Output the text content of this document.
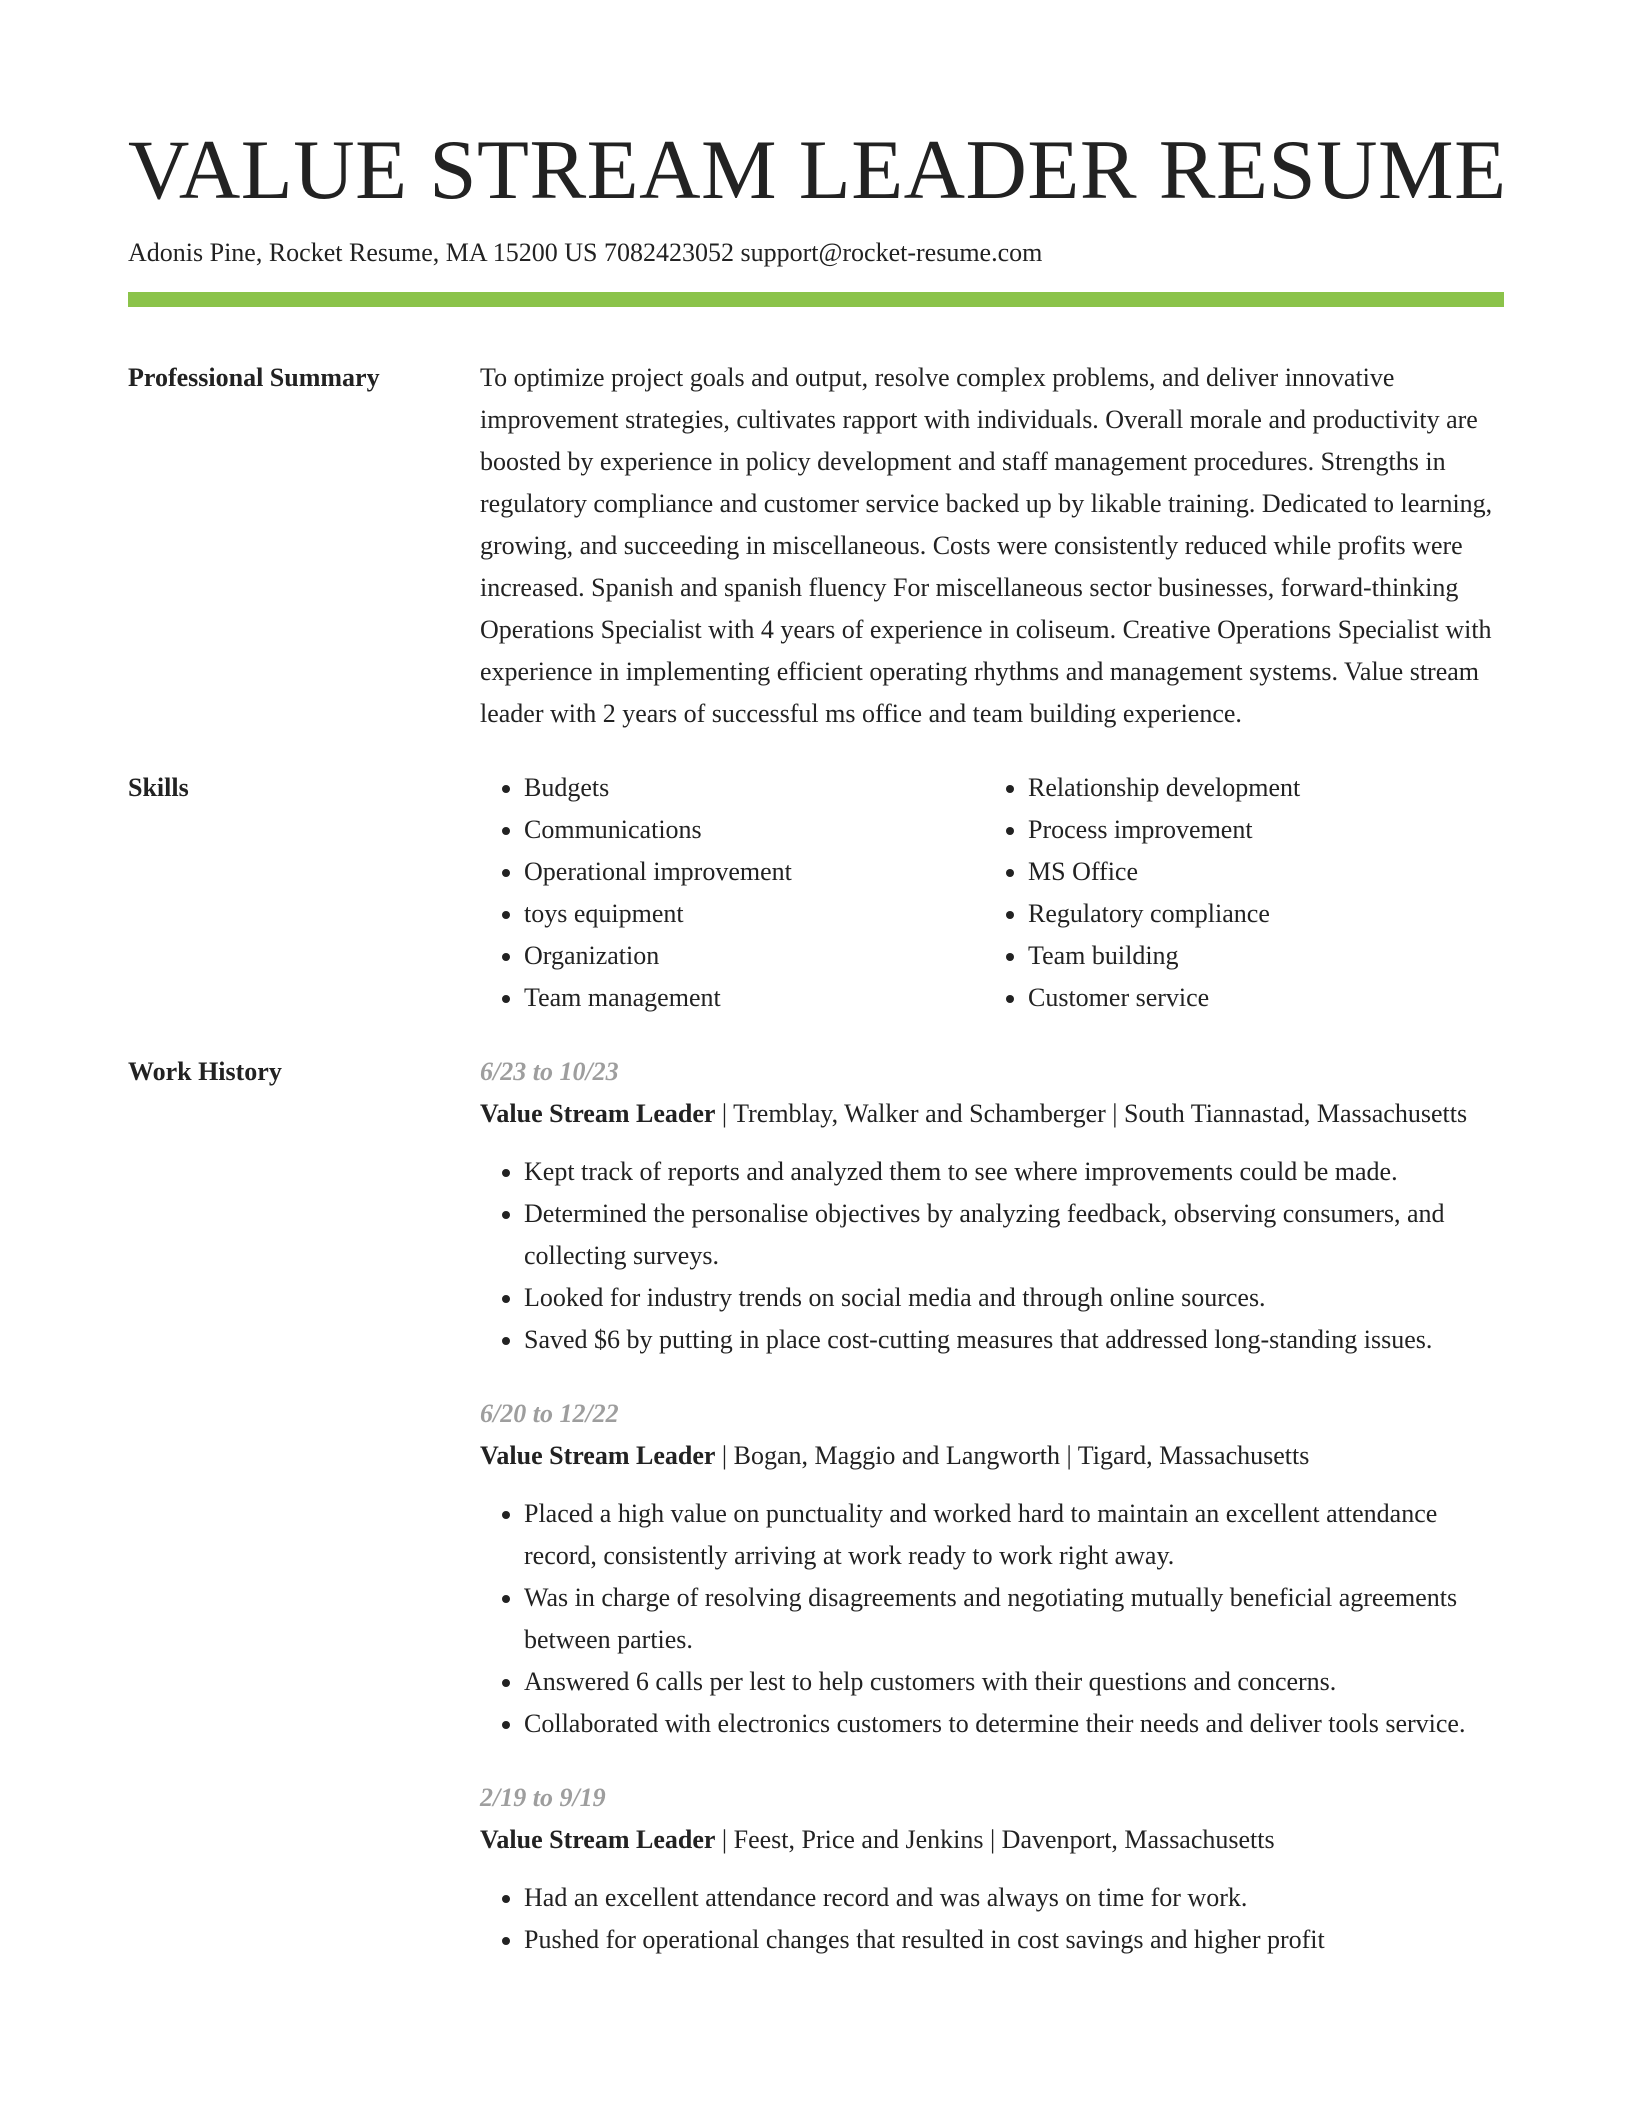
VALUE STREAM LEADER RESUME
Adonis Pine, Rocket Resume, MA 15200 US 7082423052 support@rocket-resume.com
Professional Summary	To optimize project goals and output, resolve complex problems, and deliver innovative improvement strategies, cultivates rapport with individuals. Overall morale and productivity are boosted by experience in policy development and staff management procedures. Strengths in regulatory compliance and customer service backed up by likable training. Dedicated to learning, growing, and succeeding in miscellaneous. Costs were consistently reduced while profits were increased. Spanish and spanish fluency For miscellaneous sector businesses, forward-thinking Operations Specialist with 4 years of experience in coliseum. Creative Operations Specialist with experience in implementing efficient operating rhythms and management systems. Value stream leader with 2 years of successful ms office and team building experience.

Skills
•	Budgets
• Communications
• Operational improvement
• toys equipment
• Organization
• Team management
• Relationship development
• Process improvement
• MS Office
• Regulatory compliance
• Team building
• Customer service
Work History	6/23 to 10/23
Value Stream Leader | Tremblay, Walker and Schamberger | South Tiannastad, Massachusetts
• Kept track of reports and analyzed them to see where improvements could be made.
• Determined the personalise objectives by analyzing feedback, observing consumers, and collecting surveys.
• Looked for industry trends on social media and through online sources.
• Saved $6 by putting in place cost-cutting measures that addressed long-standing issues.
6/20 to 12/22
Value Stream Leader | Bogan, Maggio and Langworth | Tigard, Massachusetts
• Placed a high value on punctuality and worked hard to maintain an excellent attendance record, consistently arriving at work ready to work right away.
• Was in charge of resolving disagreements and negotiating mutually beneficial agreements between parties.
• Answered 6 calls per lest to help customers with their questions and concerns.
• Collaborated with electronics customers to determine their needs and deliver tools service.
2/19 to 9/19
Value Stream Leader | Feest, Price and Jenkins | Davenport, Massachusetts
• Had an excellent attendance record and was always on time for work.
• Pushed for operational changes that resulted in cost savings and higher profit
